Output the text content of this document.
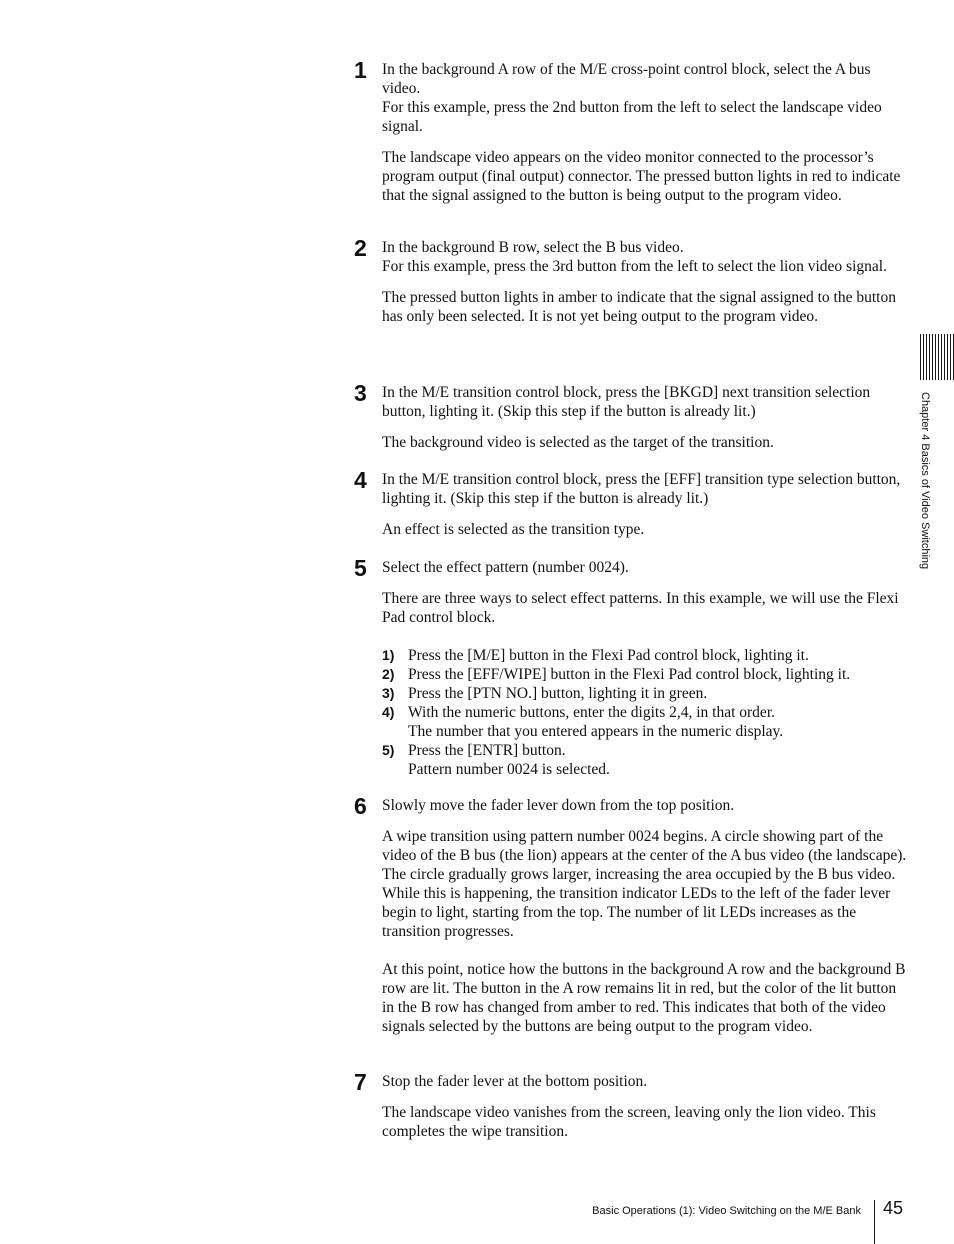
1 In the background A row of the M/E cross-point control block, select the A bus video.
For this example, press the 2nd button from the left to select the landscape video signal.

The landscape video appears on the video monitor connected to the processor’s program output (final output) connector. The pressed button lights in red to indicate that the signal assigned to the button is being output to the program video.

2 In the background B row, select the B bus video.
For this example, press the 3rd button from the left to select the lion video signal.

The pressed button lights in amber to indicate that the signal assigned to the button has only been selected. It is not yet being output to the program video.

3 In the M/E transition control block, press the [BKGD] next transition selection button, lighting it. (Skip this step if the button is already lit.)

The background video is selected as the target of the transition.

4 In the M/E transition control block, press the [EFF] transition type selection button, lighting it. (Skip this step if the button is already lit.)

An effect is selected as the transition type.

5 Select the effect pattern (number 0024).

There are three ways to select effect patterns. In this example, we will use the Flexi Pad control block.

1) Press the [M/E] button in the Flexi Pad control block, lighting it.
2) Press the [EFF/WIPE] button in the Flexi Pad control block, lighting it.
3) Press the [PTN NO.] button, lighting it in green.
4) With the numeric buttons, enter the digits 2,4, in that order.
The number that you entered appears in the numeric display.
5) Press the [ENTR] button.
Pattern number 0024 is selected.
6 Slowly move the fader lever down from the top position.

A wipe transition using pattern number 0024 begins. A circle showing part of the video of the B bus (the lion) appears at the center of the A bus video (the landscape). The circle gradually grows larger, increasing the area occupied by the B bus video. While this is happening, the transition indicator LEDs to the left of the fader lever begin to light, starting from the top. The number of lit LEDs increases as the transition progresses.

At this point, notice how the buttons in the background A row and the background B row are lit. The button in the A row remains lit in red, but the color of the lit button in the B row has changed from amber to red. This indicates that both of the video signals selected by the buttons are being output to the program video.

7 Stop the fader lever at the bottom position.

The landscape video vanishes from the screen, leaving only the lion video. This completes the wipe transition.

Chapter 4 Basics of Video Switching
Basic Operations (1): Video Switching on the M/E Bank 45
